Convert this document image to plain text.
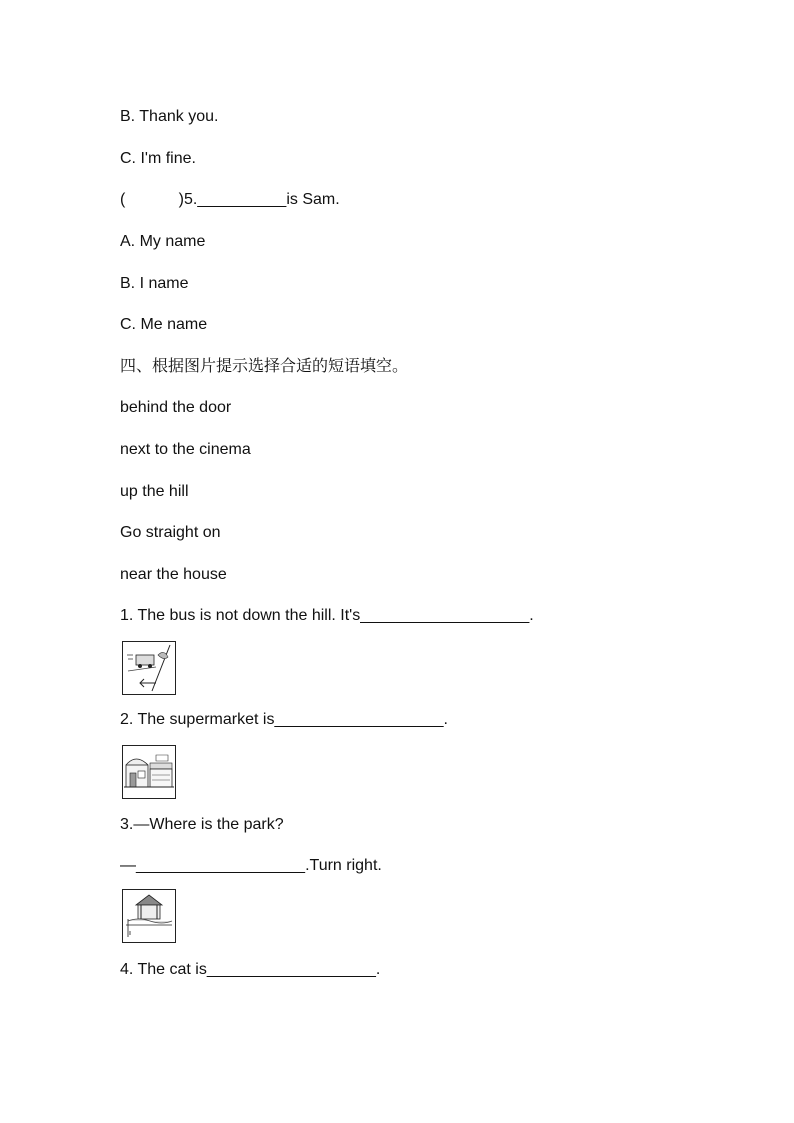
B. Thank you.
C. I'm fine.
(            )5.__________is Sam.
A. My name
B. I name
C. Me name
四、根据图片提示选择合适的短语填空。
behind the door
next to the cinema
up the hill
Go straight on
near the house
1. The bus is not down the hill. It's___________________.
2. The supermarket is___________________.
3.—Where is the park?
—___________________.Turn right.
4. The cat is___________________.
